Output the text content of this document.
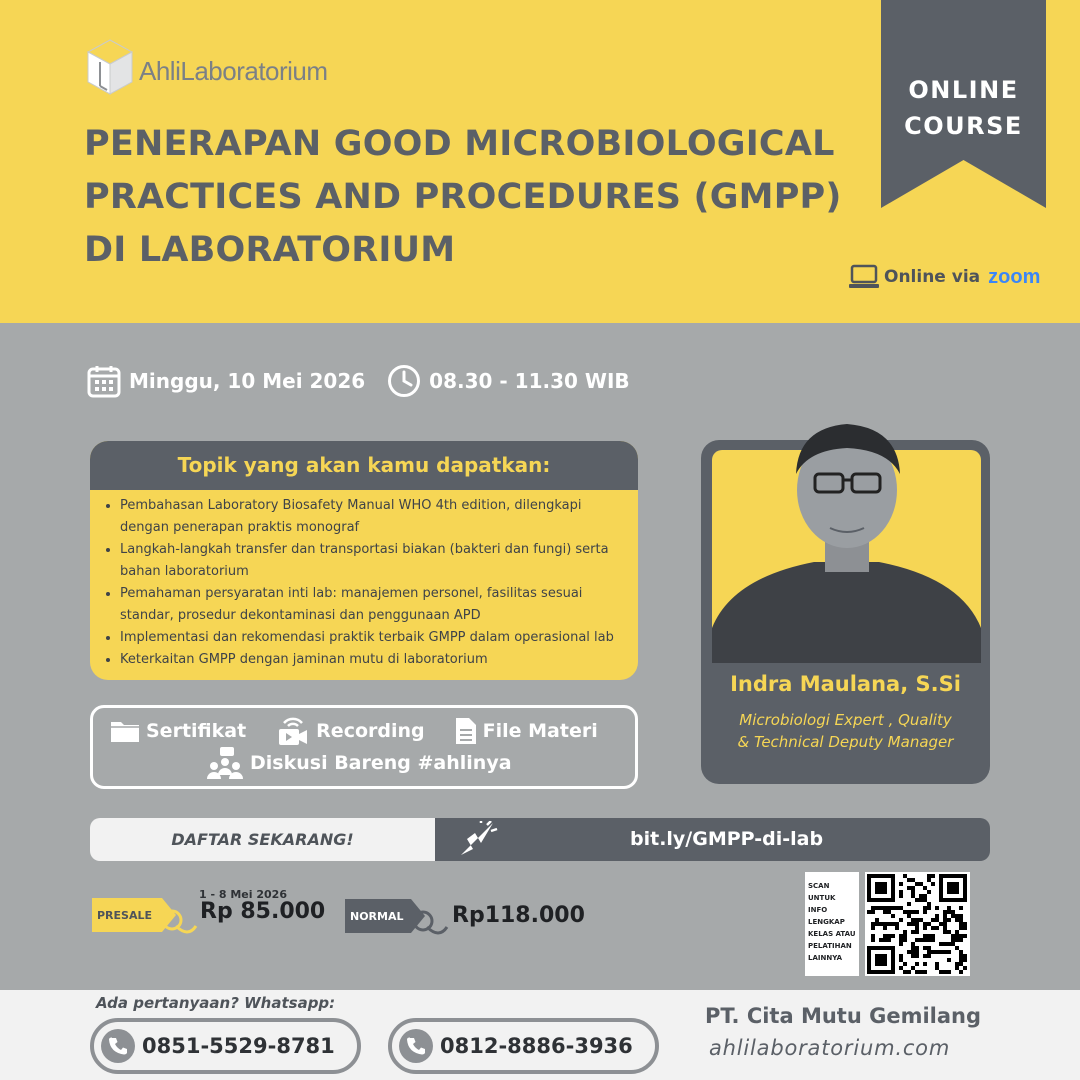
AhliLaboratorium
PENERAPAN GOOD MICROBIOLOGICAL
PRACTICES AND PROCEDURES (GMPP)
DI LABORATORIUM
ONLINE
COURSE
Online via zoom
Minggu, 10 Mei 2026	08.30 - 11.30 WIB
Topik yang akan kamu dapatkan:
• Pembahasan Laboratory Biosafety Manual WHO 4th edition, dilengkapi dengan penerapan praktis monograf
• Langkah-langkah transfer dan transportasi biakan (bakteri dan fungi) serta bahan laboratorium
• Pemahaman persyaratan inti lab: manajemen personel, fasilitas sesuai standar, prosedur dekontaminasi dan penggunaan APD
• Implementasi dan rekomendasi praktik terbaik GMPP dalam operasional lab
• Keterkaitan GMPP dengan jaminan mutu di laboratorium
Sertifikat	Recording	File Materi
Diskusi Bareng #ahlinya
Indra Maulana, S.Si
Microbiologi Expert , Quality
& Technical Deputy Manager
DAFTAR SEKARANG!	bit.ly/GMPP-di-lab
1 - 8 Mei 2026
PRESALE Rp 85.000 NORMAL Rp118.000
SCAN
UNTUK
INFO
LENGKAP
KELAS ATAU
PELATIHAN
LAINNYA
Ada pertanyaan? Whatsapp:
0851-5529-8781	0812-8886-3936
PT. Cita Mutu Gemilang
ahlilaboratorium.com
